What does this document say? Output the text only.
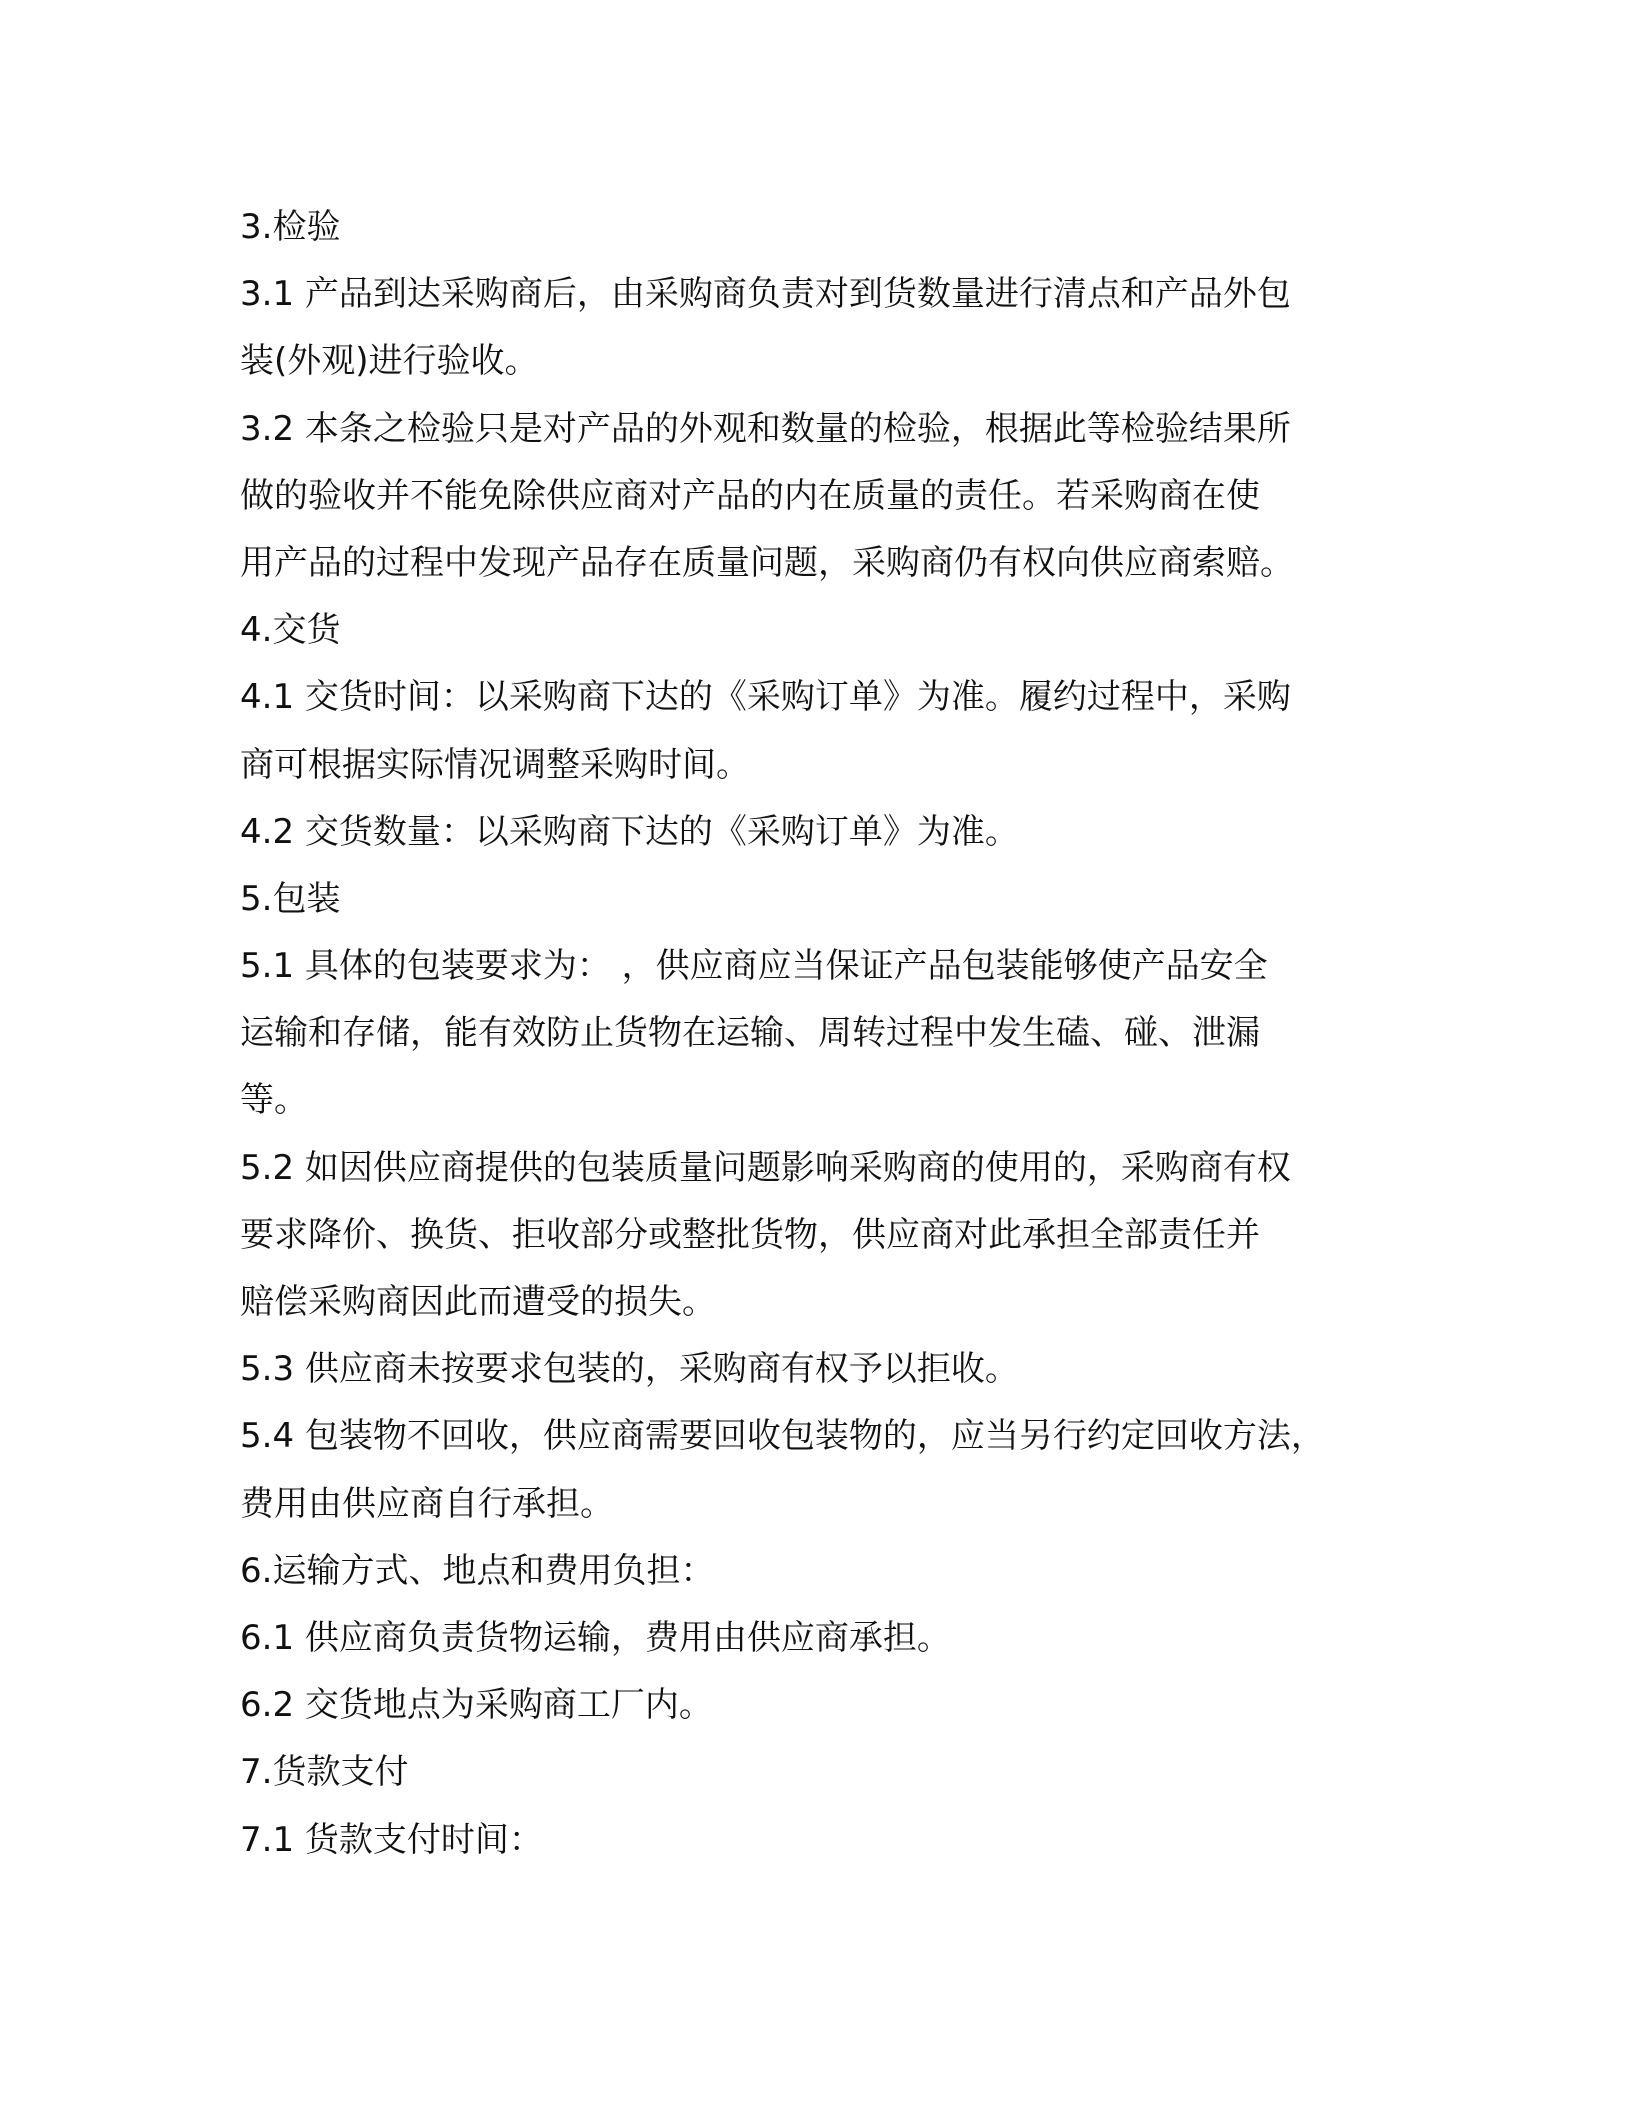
3.检验
3.1 产品到达采购商后，由采购商负责对到货数量进行清点和产品外包
装(外观)进行验收。
3.2 本条之检验只是对产品的外观和数量的检验，根据此等检验结果所
做的验收并不能免除供应商对产品的内在质量的责任。若采购商在使
用产品的过程中发现产品存在质量问题，采购商仍有权向供应商索赔。
4.交货
4.1 交货时间：以采购商下达的《采购订单》为准。履约过程中，采购
商可根据实际情况调整采购时间。
4.2 交货数量：以采购商下达的《采购订单》为准。
5.包装
5.1 具体的包装要求为： ，供应商应当保证产品包装能够使产品安全
运输和存储，能有效防止货物在运输、周转过程中发生磕、碰、泄漏
等。
5.2 如因供应商提供的包装质量问题影响采购商的使用的，采购商有权
要求降价、换货、拒收部分或整批货物，供应商对此承担全部责任并
赔偿采购商因此而遭受的损失。
5.3 供应商未按要求包装的，采购商有权予以拒收。
5.4 包装物不回收，供应商需要回收包装物的，应当另行约定回收方法，
费用由供应商自行承担。
6.运输方式、地点和费用负担：
6.1 供应商负责货物运输，费用由供应商承担。
6.2 交货地点为采购商工厂内。
7.货款支付
7.1 货款支付时间：
